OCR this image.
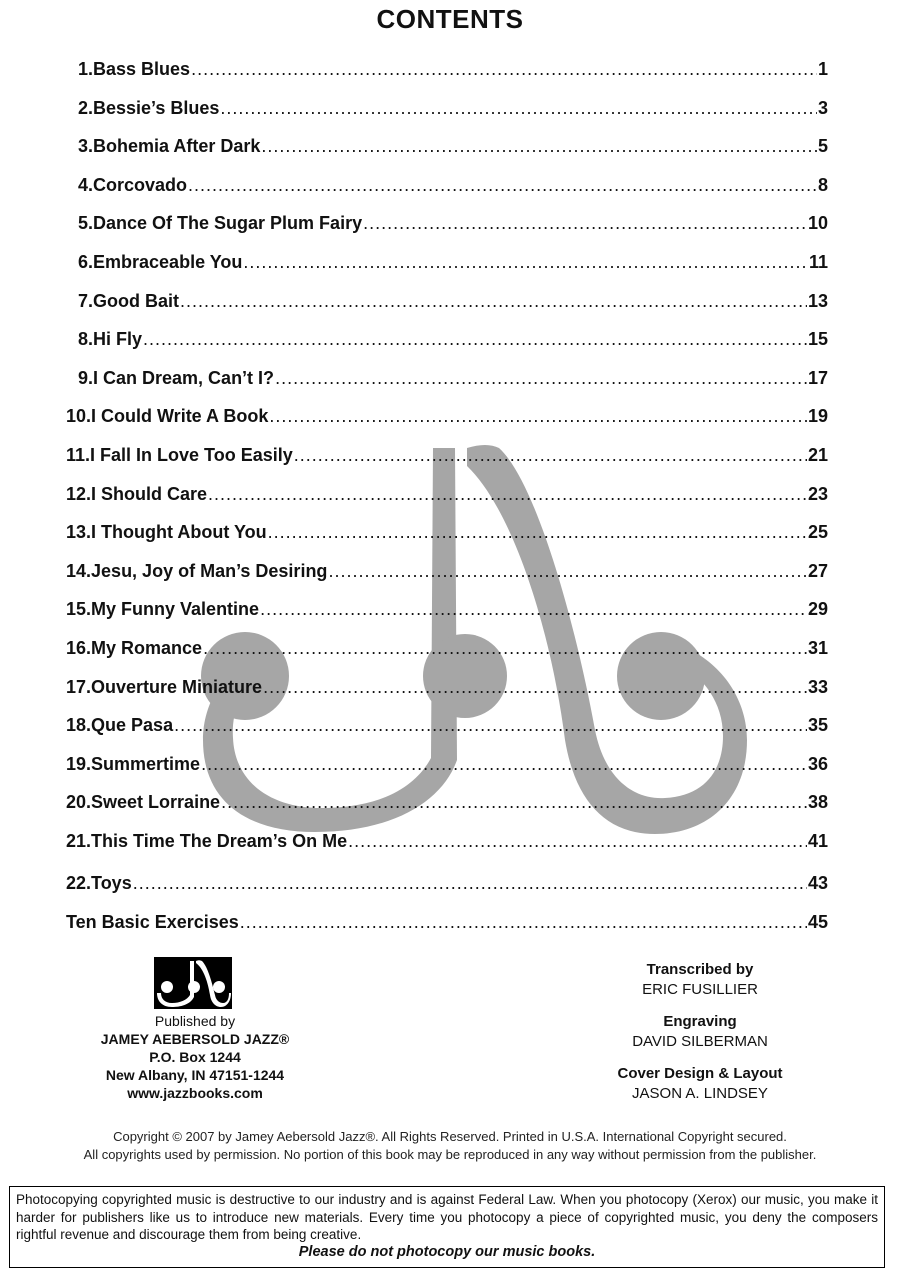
CONTENTS
1. Bass Blues .....	1
2. Bessie’s Blues .....	3
3. Bohemia After Dark .....	5
4. Corcovado .....	8
5. Dance Of The Sugar Plum Fairy .....	10
6. Embraceable You .....	11
7. Good Bait .....	13
8. Hi Fly .....	15
9. I Can Dream, Can’t I? .....	17
10. I Could Write A Book .....	19
11. I Fall In Love Too Easily .....	21
12. I Should Care .....	23
13. I Thought About You .....	25
14. Jesu, Joy of Man’s Desiring .....	27
15. My Funny Valentine .....	29
16. My Romance .....	31
17. Ouverture Miniature .....	33
18. Que Pasa .....	35
19. Summertime .....	36
20. Sweet Lorraine .....	38
21. This Time The Dream’s On Me .....	41
22. Toys .....	43
Ten Basic Exercises .....	45
Published by
JAMEY AEBERSOLD JAZZ®
P.O. Box 1244
New Albany, IN 47151-1244
www.jazzbooks.com
Transcribed by
ERIC FUSILLIER
Engraving
DAVID SILBERMAN
Cover Design & Layout
JASON A. LINDSEY
Copyright © 2007 by Jamey Aebersold Jazz®. All Rights Reserved. Printed in U.S.A. International Copyright secured.
All copyrights used by permission. No portion of this book may be reproduced in any way without permission from the publisher.
Photocopying copyrighted music is destructive to our industry and is against Federal Law. When you photocopy (Xerox) our music, you make it harder for publishers like us to introduce new materials. Every time you photocopy a piece of copyrighted music, you deny the composers rightful revenue and discourage them from being creative.
Please do not photocopy our music books.
